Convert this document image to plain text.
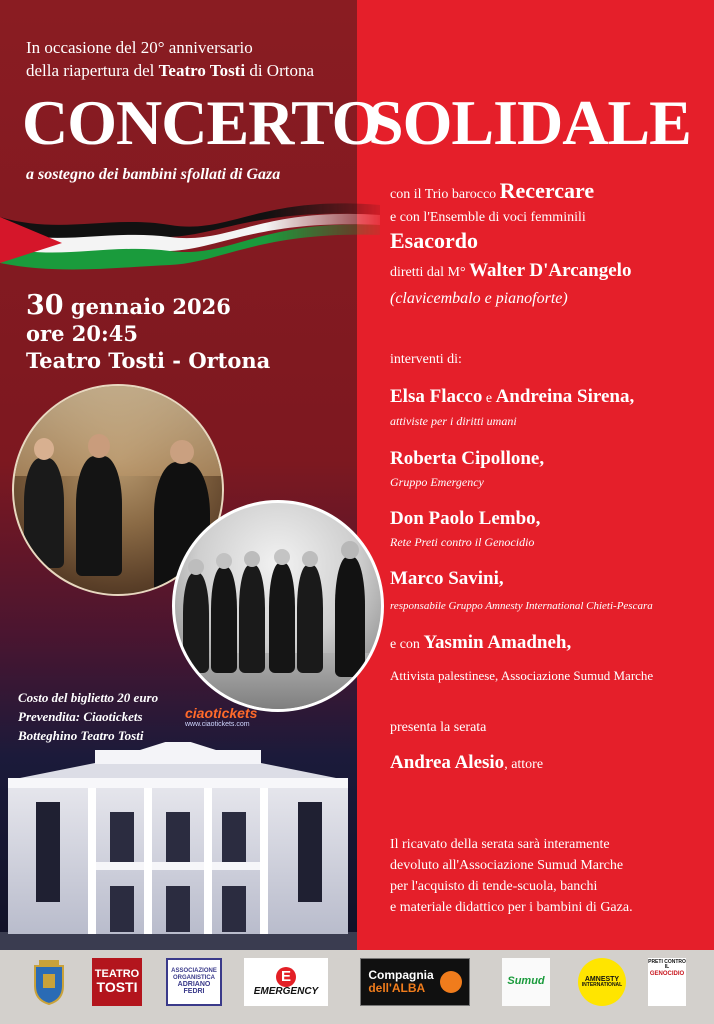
In occasione del 20° anniversario
della riapertura del Teatro Tosti di Ortona
CONCERTO
SOLIDALE
a sostegno dei bambini sfollati di Gaza
30 gennaio 2026
ore 20:45
Teatro Tosti - Ortona
con il Trio barocco Recercare
e con l'Ensemble di voci femminili
Esacordo
diretti dal M° Walter D'Arcangelo
(clavicembalo e pianoforte)
interventi di:
Elsa Flacco e Andreina Sirena,
attiviste per i diritti umani
Roberta Cipollone,
Gruppo Emergency
Don Paolo Lembo,
Rete Preti contro il Genocidio
Marco Savini,
responsabile Gruppo Amnesty International Chieti-Pescara
e con Yasmin Amadneh,
Attivista palestinese, Associazione Sumud Marche
presenta la serata
Andrea Alesio, attore
Il ricavato della serata sarà interamente
devoluto all'Associazione Sumud Marche
per l'acquisto di tende-scuola, banchi
e materiale didattico per i bambini di Gaza.
Costo del biglietto 20 euro
Prevendita: Ciaotickets
Botteghino Teatro Tosti
ciaotickets
www.ciaotickets.com
TEATRO
TOSTI
ASSOCIAZIONE
ORGANISTICA
ADRIANO FEDRI
E
EMERGENCY
Compagnia
dell'ALBA	Sumud	AMNESTY
INTERNATIONAL
PRETI CONTRO IL
GENOCIDIO
